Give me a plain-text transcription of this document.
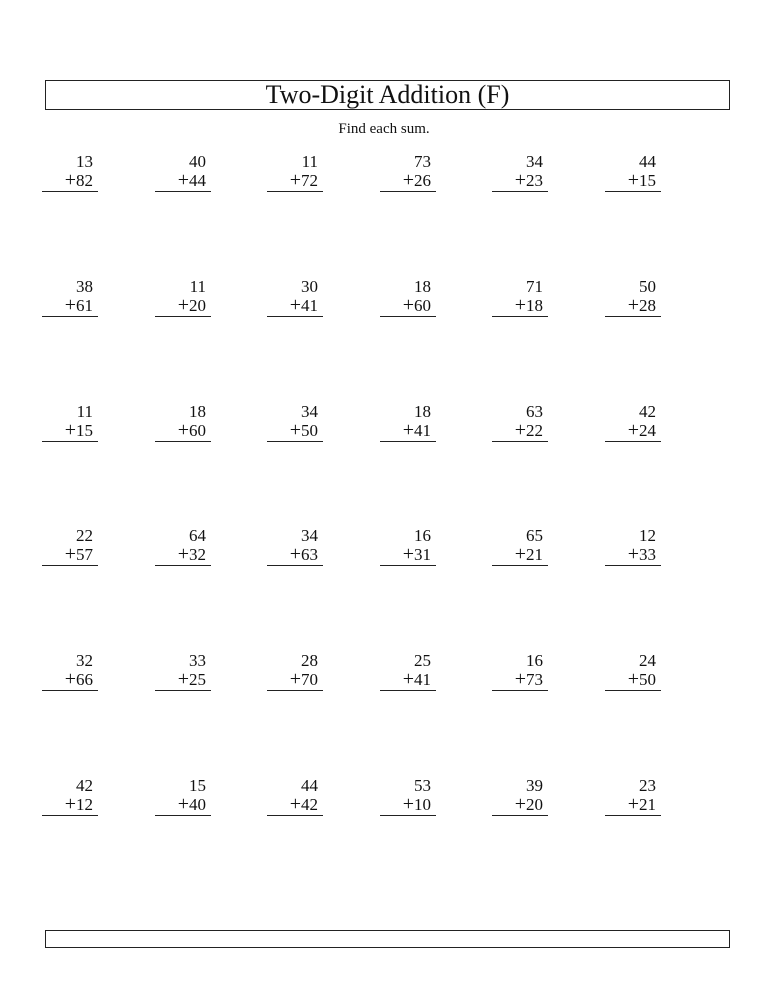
Two-Digit Addition (F)
Find each sum.
13
+82
40
+44
11
+72
73
+26
34
+23
44
+15
38
+61
11
+20
30
+41
18
+60
71
+18
50
+28
11
+15
18
+60
34
+50
18
+41
63
+22
42
+24
22
+57
64
+32
34
+63
16
+31
65
+21
12
+33
32
+66
33
+25
28
+70
25
+41
16
+73
24
+50
42
+12
15
+40
44
+42
53
+10
39
+20
23
+21
